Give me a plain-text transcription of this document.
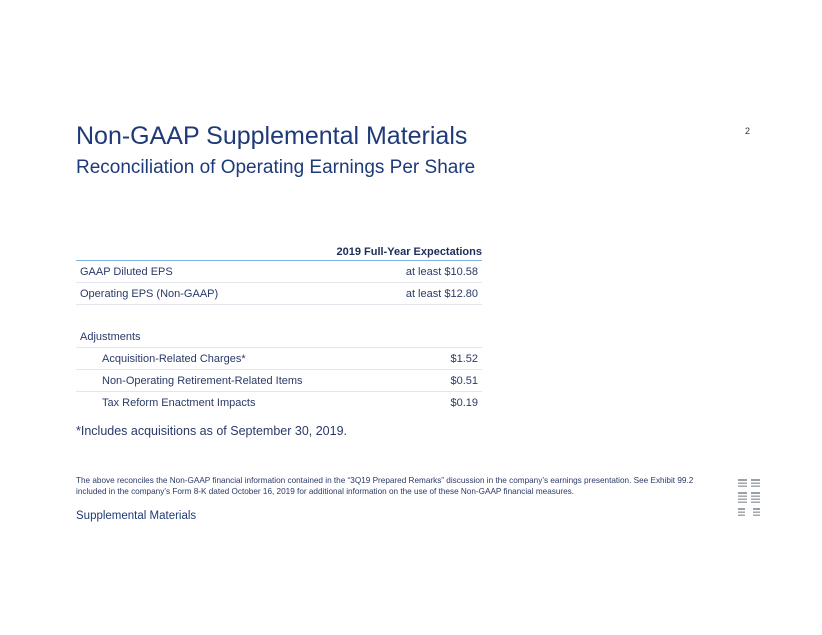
Non-GAAP Supplemental Materials
Reconciliation of Operating Earnings Per Share
2
2019 Full-Year Expectations
GAAP Diluted EPS	at least $10.58
Operating EPS (Non-GAAP)	at least $12.80
Adjustments
Acquisition-Related Charges*	$1.52
Non-Operating Retirement-Related Items	$0.51
Tax Reform Enactment Impacts	$0.19
*Includes acquisitions as of September 30, 2019.
The above reconciles the Non-GAAP financial information contained in the “3Q19 Prepared Remarks” discussion in the company’s earnings presentation. See Exhibit 99.2 included in the company’s Form 8-K dated October 16, 2019 for additional information on the use of these Non-GAAP financial measures.
Supplemental Materials
